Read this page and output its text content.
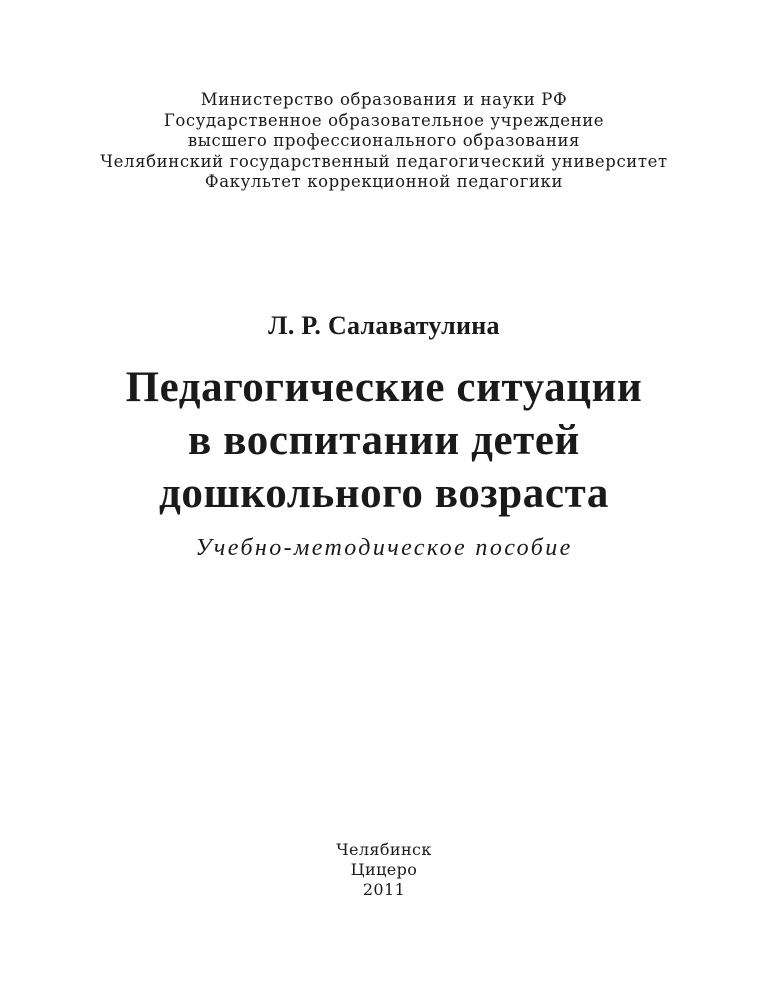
Министерство образования и науки РФ
Государственное образовательное учреждение
высшего профессионального образования
Челябинский государственный педагогический университет
Факультет коррекционной педагогики
Л. Р. Салаватулина
Педагогические ситуации
в воспитании детей
дошкольного возраста
Учебно-методическое пособие
Челябинск
Цицеро
2011
